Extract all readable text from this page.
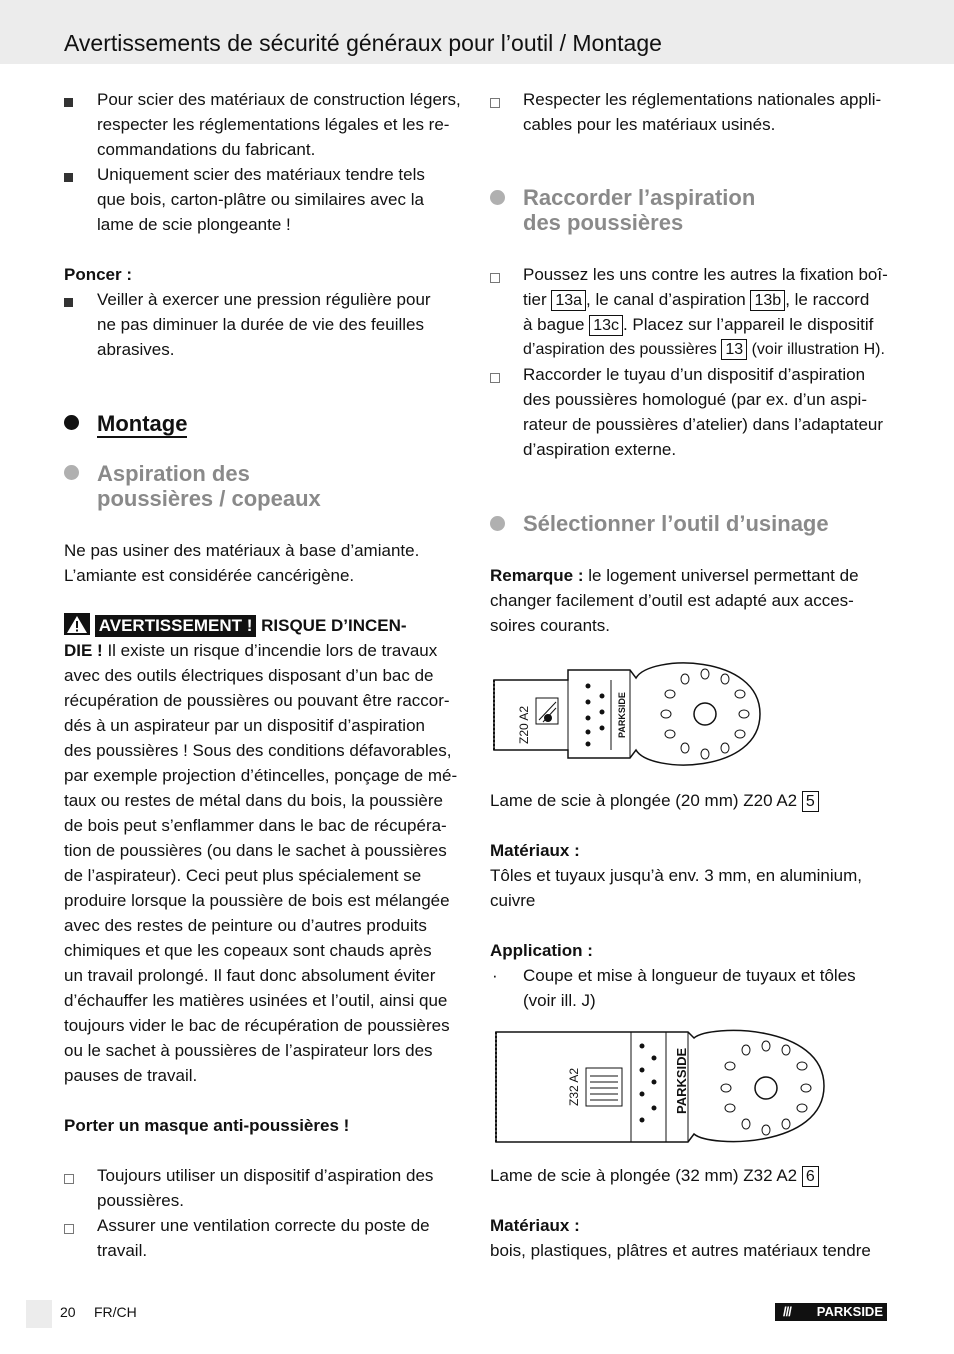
Avertissements de sécurité généraux pour l’outil / Montage
Pour scier des matériaux de construction légers,
respecter les réglementations légales et les re-
commandations du fabricant.
Uniquement scier des matériaux tendre tels
que bois, carton-plâtre ou similaires avec la
lame de scie plongeante !
Poncer :
Veiller à exercer une pression régulière pour
ne pas diminuer la durée de vie des feuilles
abrasives.
Montage
Aspiration des
poussières / copeaux
Ne pas usiner des matériaux à base d’amiante.
L’amiante est considérée cancérigène.
AVERTISSEMENT ! RISQUE D’INCEN-
DIE ! Il existe un risque d’incendie lors de travaux
avec des outils électriques disposant d’un bac de
récupération de poussières ou pouvant être raccor-
dés à un aspirateur par un dispositif d’aspiration
des poussières ! Sous des conditions défavorables,
par exemple projection d’étincelles, ponçage de mé-
taux ou restes de métal dans du bois, la poussière
de bois peut s’enflammer dans le bac de récupéra-
tion de poussières (ou dans le sachet à poussières
de l’aspirateur). Ceci peut plus spécialement se
produire lorsque la poussière de bois est mélangée
avec des restes de peinture ou d’autres produits
chimiques et que les copeaux sont chauds après
un travail prolongé. Il faut donc absolument éviter
d’échauffer les matières usinées et l’outil, ainsi que
toujours vider le bac de récupération de poussières
ou le sachet à poussières de l’aspirateur lors des
pauses de travail.
Porter un masque anti-poussières !
Toujours utiliser un dispositif d’aspiration des
poussières.
Assurer une ventilation correcte du poste de
travail.
Respecter les réglementations nationales appli-
cables pour les matériaux usinés.
Raccorder l’aspiration
des poussières
Poussez les uns contre les autres la fixation boî-
tier 13a , le canal d’aspiration 13b , le raccord
à bague 13c . Placez sur l’appareil le dispositif
d’aspiration des poussières 13 (voir illustration H).
Raccorder le tuyau d’un dispositif d’aspiration
des poussières homologué (par ex. d’un aspi-
rateur de poussières d’atelier) dans l’adaptateur
d’aspiration externe.
Sélectionner l’outil d’usinage
Remarque : le logement universel permettant de
changer facilement d’outil est adapté aux acces-
soires courants.
Z20 A2	PARKSIDE
Lame de scie à plongée (20 mm) Z20 A2 5
Matériaux :
Tôles et tuyaux jusqu’à env. 3 mm, en aluminium,
cuivre
Application :
· Coupe et mise à longueur de tuyaux et tôles
(voir ill. J)
Z32 A2	PARKSIDE
Lame de scie à plongée (32 mm) Z32 A2 6
Matériaux :
bois, plastiques, plâtres et autres matériaux tendre
20 FR/CH	/// PARKSIDE
